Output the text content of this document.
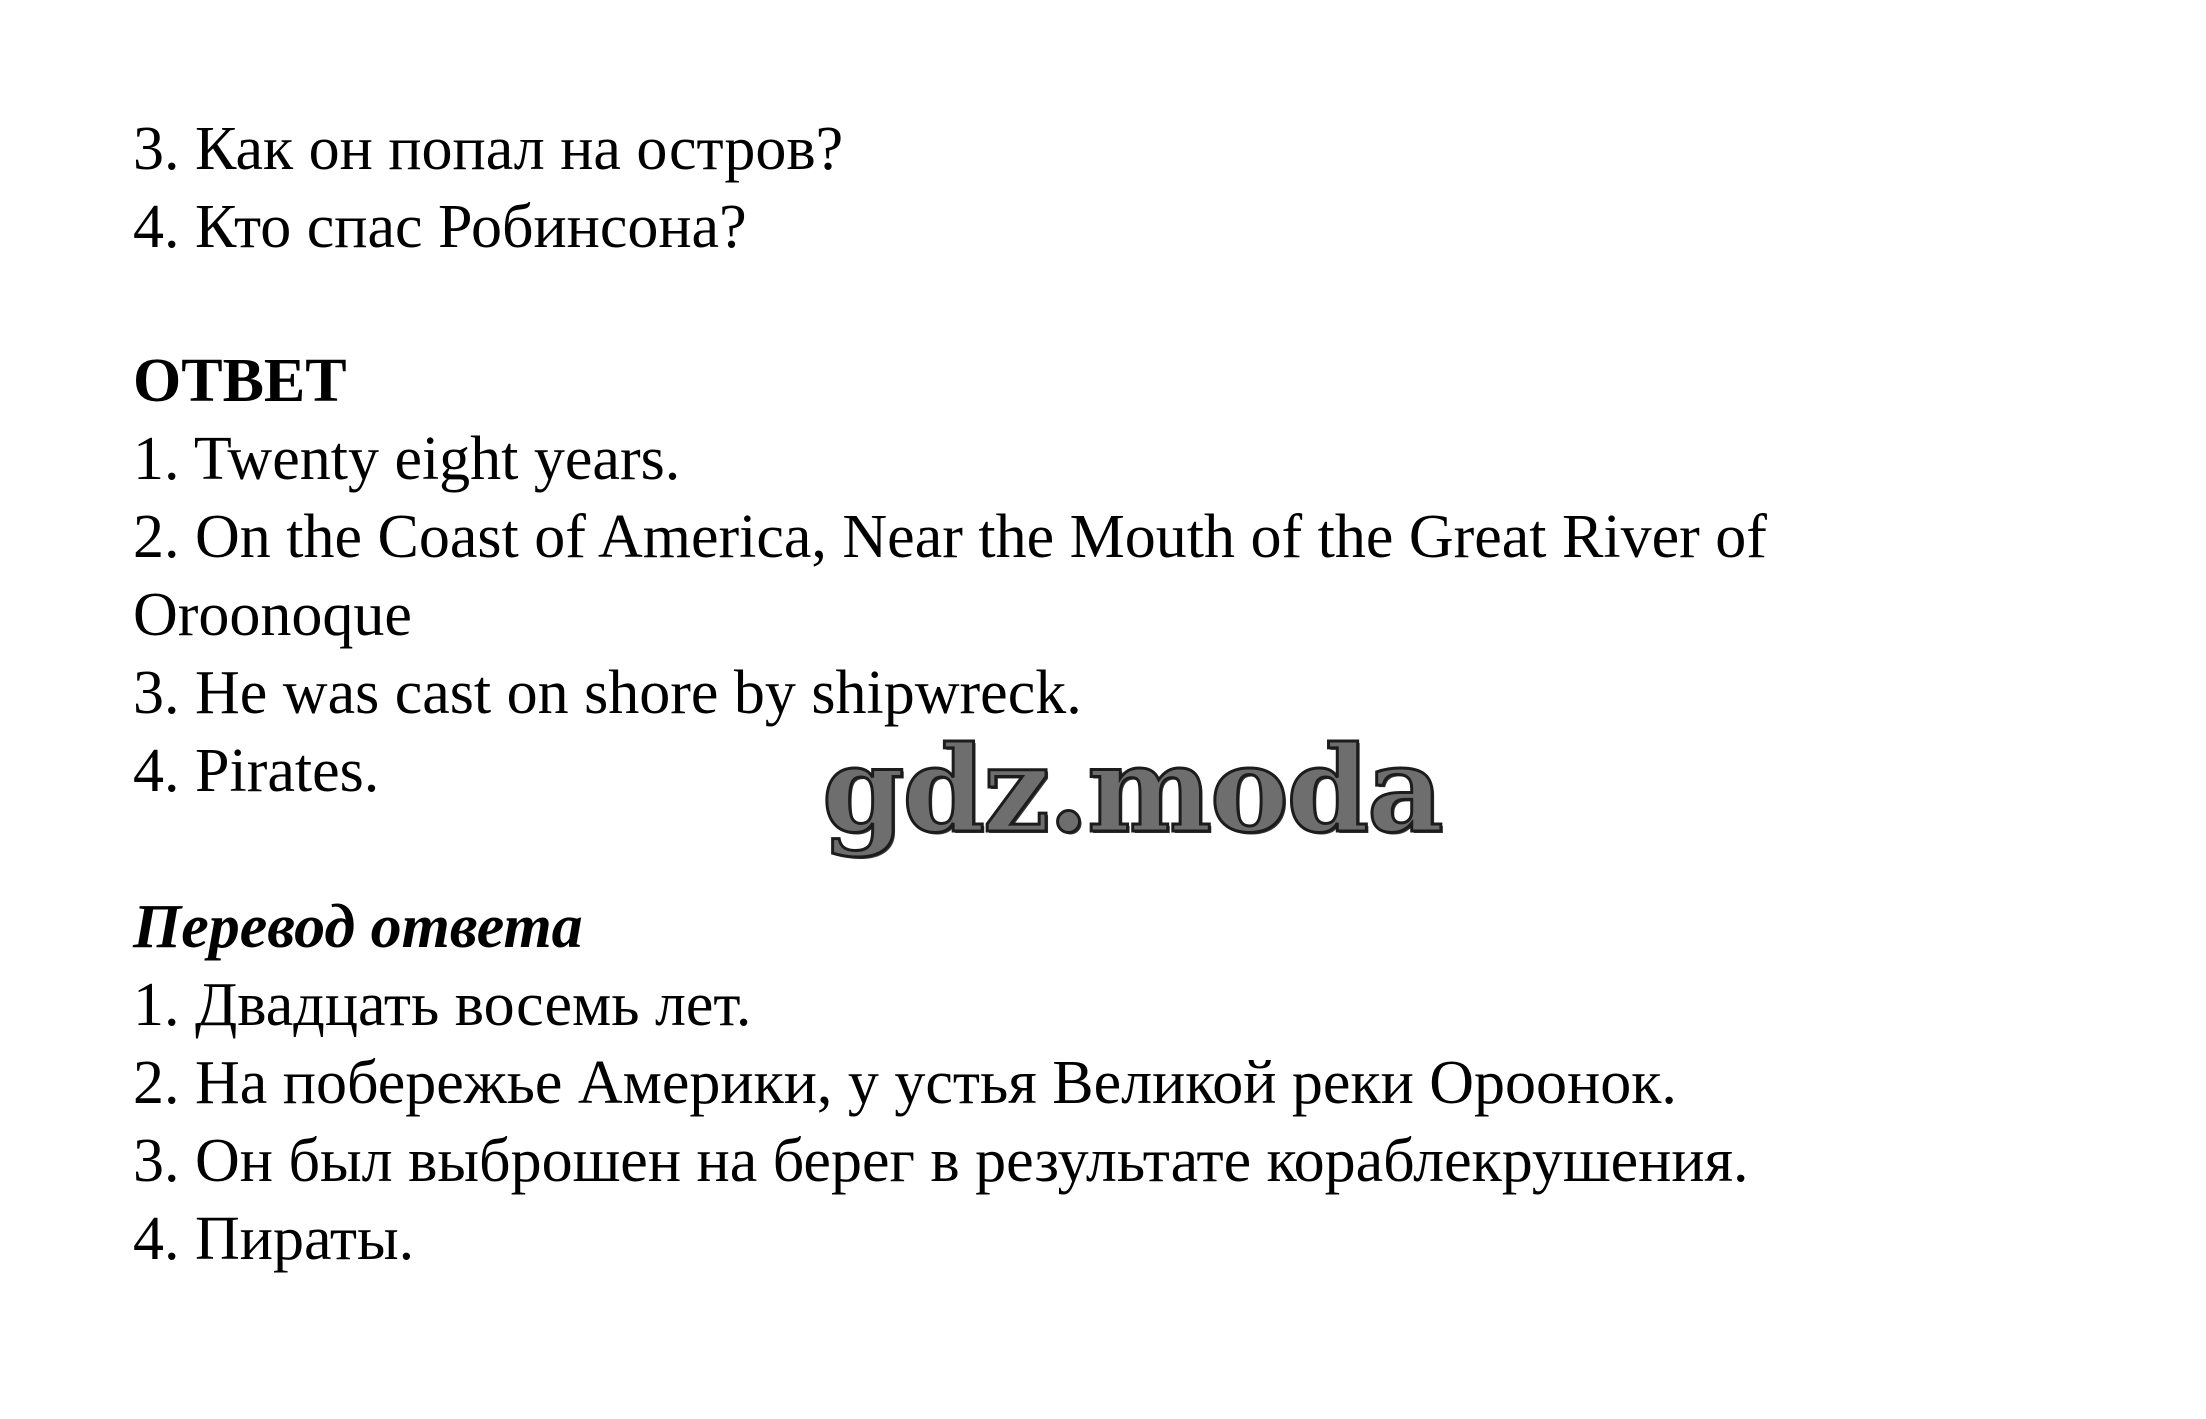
3. Как он попал на остров?

4. Кто спас Робинсона?

ОТВЕТ

1. Twenty eight years.

2. On the Coast of America, Near the Mouth of the Great River of

Oroonoque

3. He was cast on shore by shipwreck.

4. Pirates.	gdz.moda

Перевод ответа

1. Двадцать восемь лет.

2. На побережье Америки, у устья Великой реки Ороонок.

3. Он был выброшен на берег в результате кораблекрушения.

4. Пираты.
